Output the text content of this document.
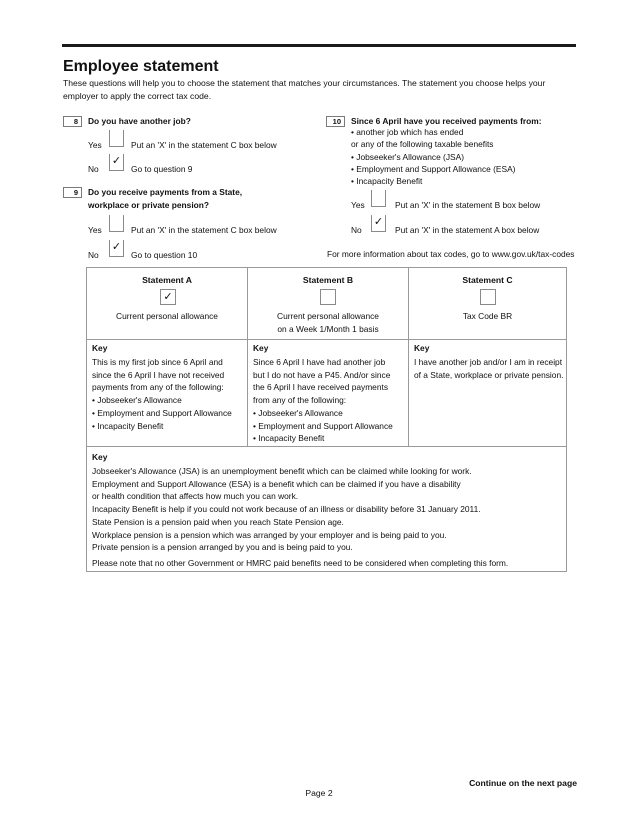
Employee statement
These questions will help you to choose the statement that matches your circumstances. The statement you choose helps your employer to apply the correct tax code.
8	Do you have another job?
Yes	Put an 'X' in the statement C box below
No
✓
Go to question 9
9	Do you receive payments from a State,
workplace or private pension?
Yes	Put an 'X' in the statement C box below
No
✓
Go to question 10
10	Since 6 April have you received payments from:
• another job which has ended
or any of the following taxable benefits
• Jobseeker's Allowance (JSA)
• Employment and Support Allowance (ESA)
• Incapacity Benefit
Yes	Put an 'X' in the statement B box below
No
✓
Put an 'X' in the statement A box below
For more information about tax codes, go to www.gov.uk/tax-codes
Statement A
✓
Current personal allowance
Key
This is my first job since 6 April and
since the 6 April I have not received
payments from any of the following:
• Jobseeker's Allowance
• Employment and Support Allowance
• Incapacity Benefit
Statement B
Current personal allowance
on a Week 1/Month 1 basis
Key
Since 6 April I have had another job
but I do not have a P45. And/or since
the 6 April I have received payments
from any of the following:
• Jobseeker's Allowance
• Employment and Support Allowance
• Incapacity Benefit
Statement C
Tax Code BR
Key
I have another job and/or I am in receipt
of a State, workplace or private pension.
Key
Jobseeker's Allowance (JSA) is an unemployment benefit which can be claimed while looking for work.
Employment and Support Allowance (ESA) is a benefit which can be claimed if you have a disability
or health condition that affects how much you can work.
Incapacity Benefit is help if you could not work because of an illness or disability before 31 January 2011.
State Pension is a pension paid when you reach State Pension age.
Workplace pension is a pension which was arranged by your employer and is being paid to you.
Private pension is a pension arranged by you and is being paid to you.
Please note that no other Government or HMRC paid benefits need to be considered when completing this form.
Continue on the next page
Page 2
